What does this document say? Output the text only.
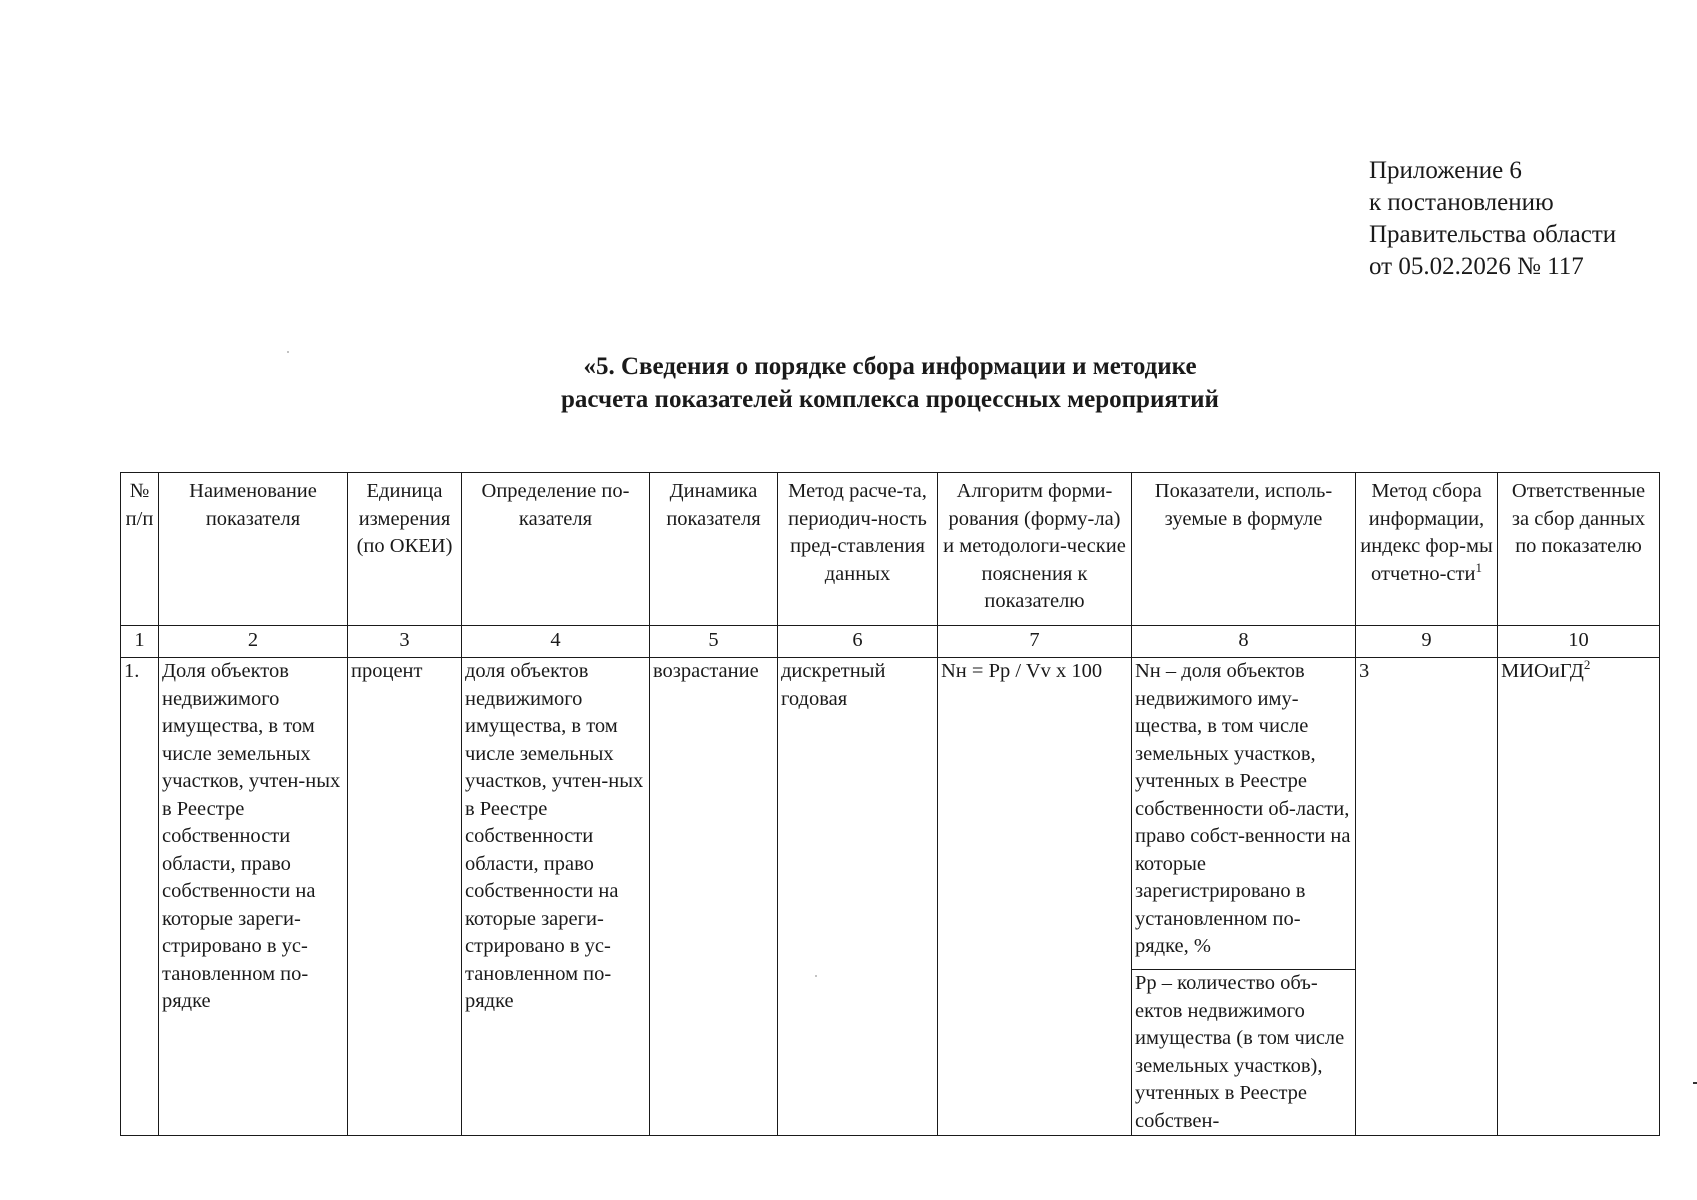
Приложение 6
к постановлению
Правительства области
от 05.02.2026 № 117
«5. Сведения о порядке сбора информации и методике
расчета показателей комплекса процессных мероприятий
№ п/п	Наименование показателя	Единица измерения (по ОКЕИ)	Определение по-казателя	Динамика показателя	Метод расче-та, периодич-ность пред-ставления данных	Алгоритм форми-рования (форму-ла) и методологи-ческие пояснения к показателю	Показатели, исполь-зуемые в формуле	Метод сбора информации, индекс фор-мы отчетно-сти$^1$	Ответственные за сбор данных по показателю
1	2	3	4	5	6	7	8	9	10
1.	Доля объектов недвижимого имущества, в том числе земельных участков, учтен-ных в Реестре собственности области, право собственности на которые зареги-стрировано в ус-тановленном по-рядке	процент	доля объектов недвижимого имущества, в том числе земельных участков, учтен-ных в Реестре собственности области, право собственности на которые зареги-стрировано в ус-тановленном по-рядке	возрастание	дискретный годовая	Nн = Pp / Vv x 100	Nн – доля объектов недвижимого иму-щества, в том числе земельных участков, учтенных в Реестре собственности об-ласти, право собст-венности на которые зарегистрировано в установленном по-рядке, %	3	МИОиГД$^2$
							Pp – количество объ-ектов недвижимого имущества (в том числе земельных участков), учтенных в Реестре собствен-		
